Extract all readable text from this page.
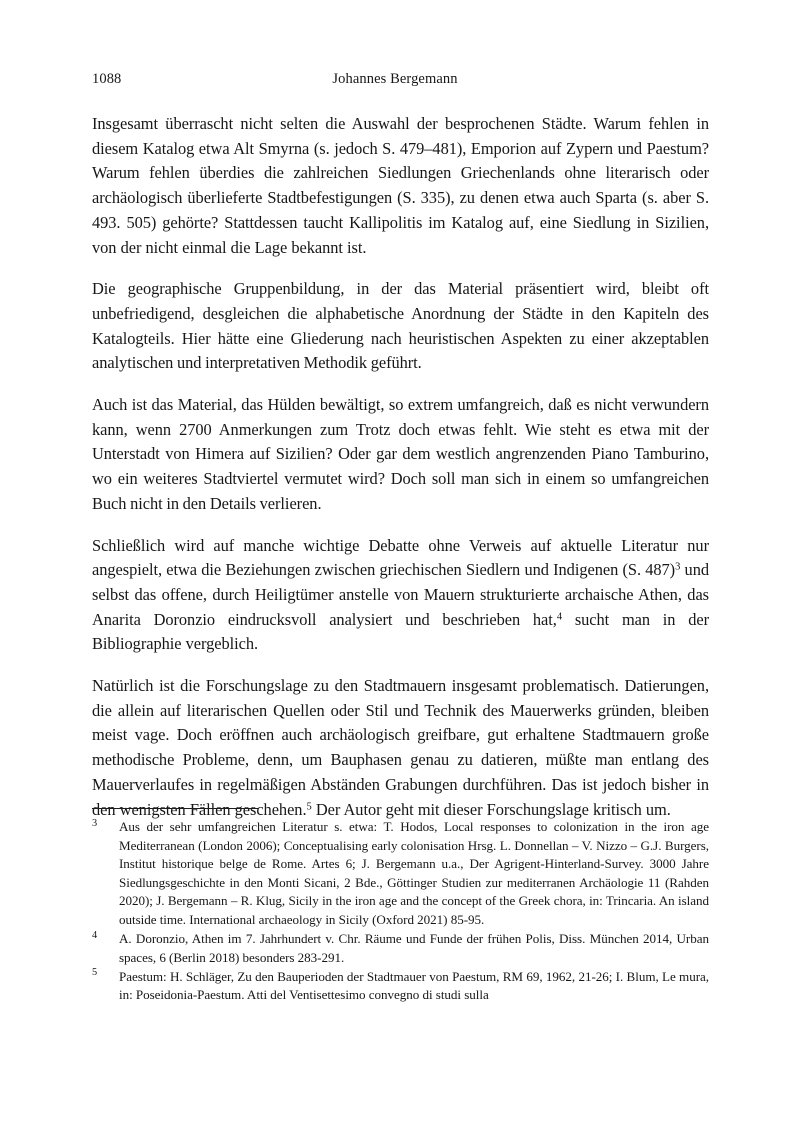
1088	Johannes Bergemann

Insgesamt überrascht nicht selten die Auswahl der besprochenen Städte. Warum fehlen in diesem Katalog etwa Alt Smyrna (s. jedoch S. 479–481), Emporion auf Zypern und Paestum? Warum fehlen überdies die zahlreichen Siedlungen Griechenlands ohne literarisch oder archäologisch überlieferte Stadtbefestigungen (S. 335), zu denen etwa auch Sparta (s. aber S. 493. 505) gehörte? Stattdessen taucht Kallipolitis im Katalog auf, eine Siedlung in Sizilien, von der nicht einmal die Lage bekannt ist.

Die geographische Gruppenbildung, in der das Material präsentiert wird, bleibt oft unbefriedigend, desgleichen die alphabetische Anordnung der Städte in den Kapiteln des Katalogteils. Hier hätte eine Gliederung nach heuristischen Aspekten zu einer akzeptablen analytischen und interpretativen Methodik geführt.

Auch ist das Material, das Hülden bewältigt, so extrem umfangreich, daß es nicht verwundern kann, wenn 2700 Anmerkungen zum Trotz doch etwas fehlt. Wie steht es etwa mit der Unterstadt von Himera auf Sizilien? Oder gar dem westlich angrenzenden Piano Tamburino, wo ein weiteres Stadtviertel vermutet wird? Doch soll man sich in einem so umfangreichen Buch nicht in den Details verlieren.

Schließlich wird auf manche wichtige Debatte ohne Verweis auf aktuelle Literatur nur angespielt, etwa die Beziehungen zwischen griechischen Siedlern und Indigenen (S. 487)$^3$ und selbst das offene, durch Heiligtümer anstelle von Mauern strukturierte archaische Athen, das Anarita Doronzio eindrucksvoll analysiert und beschrieben hat,$^4$ sucht man in der Bibliographie vergeblich.

Natürlich ist die Forschungslage zu den Stadtmauern insgesamt problematisch. Datierungen, die allein auf literarischen Quellen oder Stil und Technik des Mauerwerks gründen, bleiben meist vage. Doch eröffnen auch archäologisch greifbare, gut erhaltene Stadtmauern große methodische Probleme, denn, um Bauphasen genau zu datieren, müßte man entlang des Mauerverlaufes in regelmäßigen Abständen Grabungen durchführen. Das ist jedoch bisher in den wenigsten Fällen geschehen.$^5$ Der Autor geht mit dieser Forschungslage kritisch um.

3	Aus der sehr umfangreichen Literatur s. etwa: T. Hodos, Local responses to colonization in the iron age Mediterranean (London 2006); Conceptualising early colonisation Hrsg. L. Donnellan – V. Nizzo – G.J. Burgers, Institut historique belge de Rome. Artes 6; J. Bergemann u.a., Der Agrigent-Hinterland-Survey. 3000 Jahre Siedlungsgeschichte in den Monti Sicani, 2 Bde., Göttinger Studien zur mediterranen Archäologie 11 (Rahden 2020); J. Bergemann – R. Klug, Sicily in the iron age and the concept of the Greek chora, in: Trincaria. An island outside time. International archaeology in Sicily (Oxford 2021) 85-95.
4	A. Doronzio, Athen im 7. Jahrhundert v. Chr. Räume und Funde der frühen Polis, Diss. München 2014, Urban spaces, 6 (Berlin 2018) besonders 283-291.
5	Paestum: H. Schläger, Zu den Bauperioden der Stadtmauer von Paestum, RM 69, 1962, 21-26; I. Blum, Le mura, in: Poseidonia-Paestum. Atti del Ventisettesimo convegno di studi sulla
